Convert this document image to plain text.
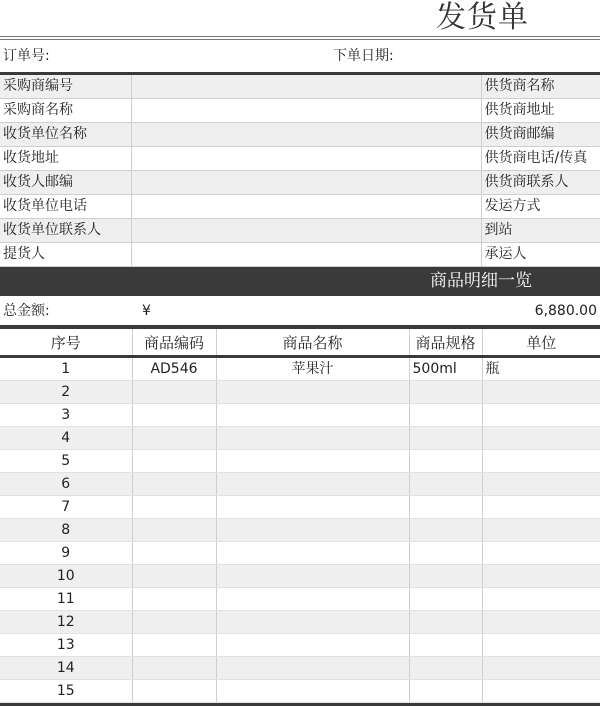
发货单
订单号:	下单日期:
采购商编号		供货商名称
采购商名称		供货商地址
收货单位名称		供货商邮编
收货地址		供货商电话/传真
收货人邮编		供货商联系人
收货单位电话		发运方式
收货单位联系人		到站
提货人		承运人
商品明细一览
总金额:	¥	6,880.00
序号	商品编码	商品名称	商品规格	单位
1	AD546	苹果汁	500ml	瓶
2				
3				
4				
5				
6				
7				
8				
9				
10				
11				
12				
13				
14				
15				
